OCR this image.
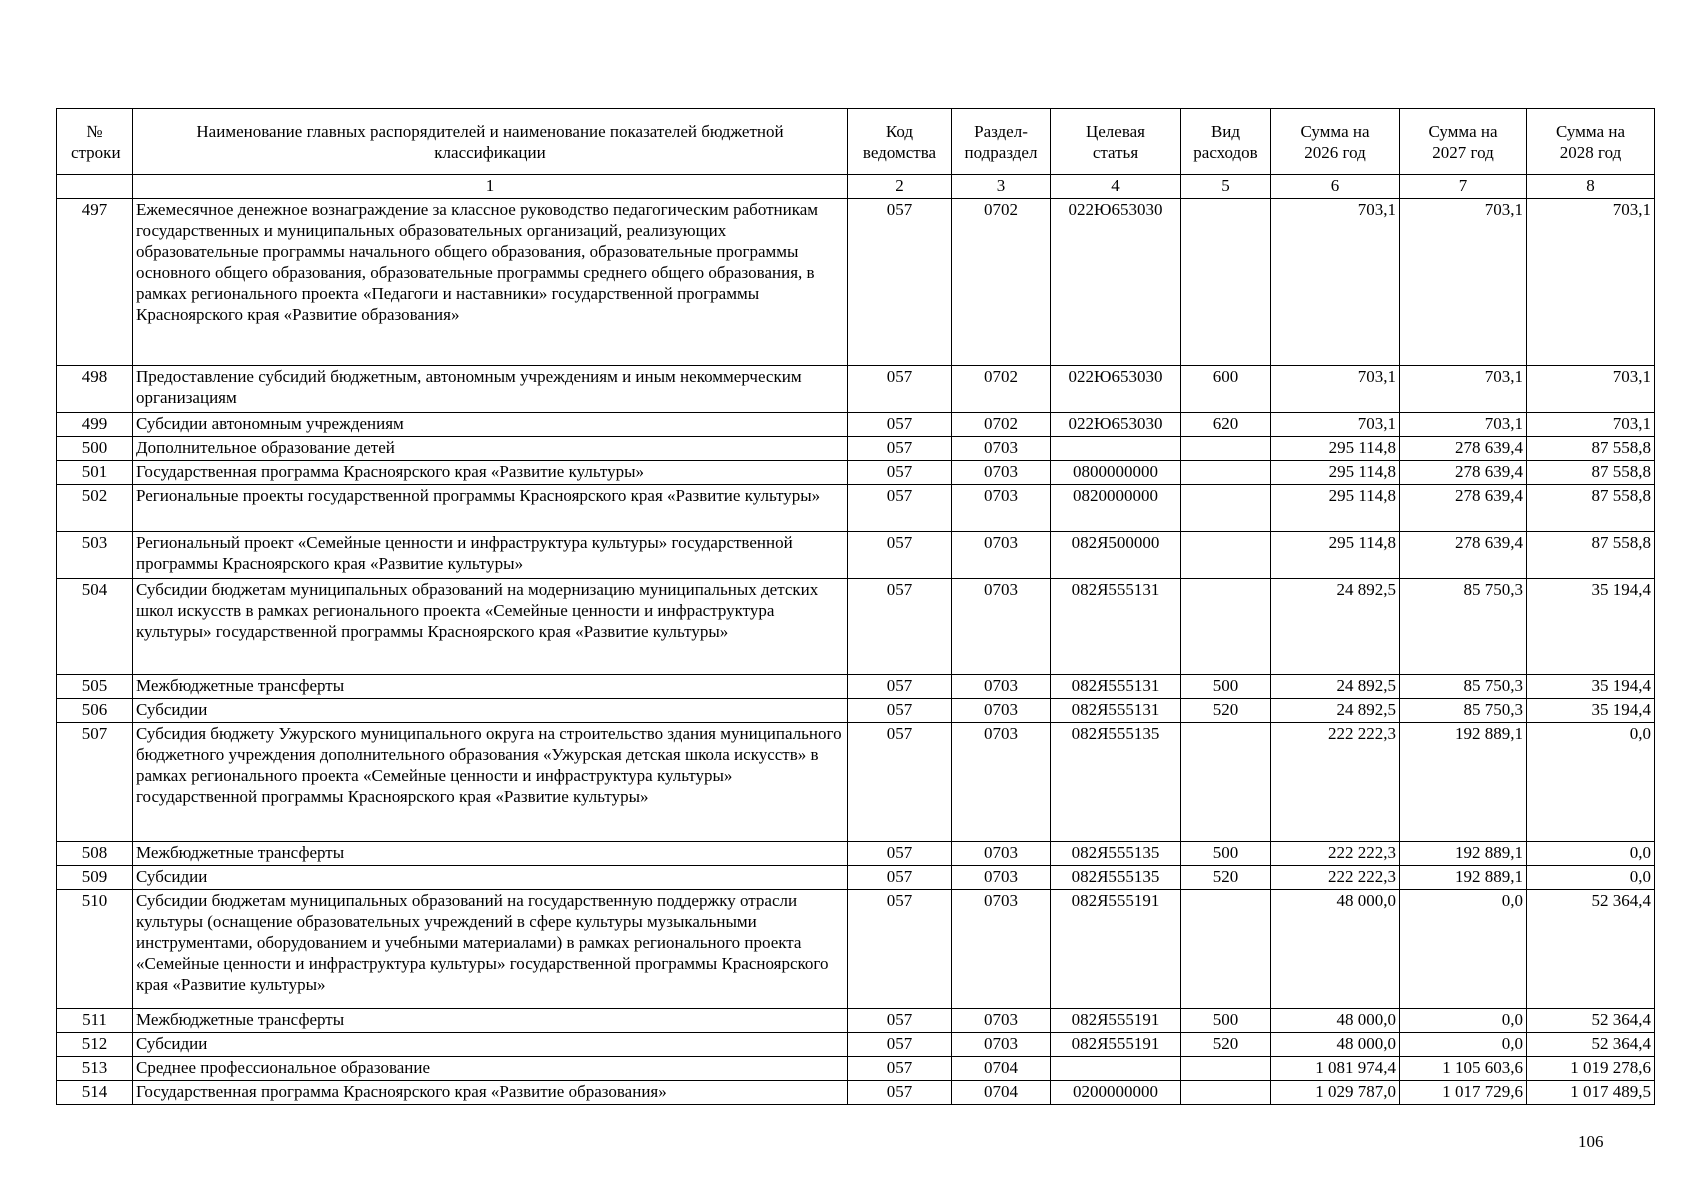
№ строки	Наименование главных распорядителей и наименование показателей бюджетной классификации	Код ведомства	Раздел-подраздел	Целевая статья	Вид расходов	Сумма на 2026 год	Сумма на 2027 год	Сумма на 2028 год
	1	2	3	4	5	6	7	8
497	Ежемесячное денежное вознаграждение за классное руководство педагогическим работникам государственных и муниципальных образовательных организаций, реализующих образовательные программы начального общего образования, образовательные программы основного общего образования, образовательные программы среднего общего образования, в рамках регионального проекта «Педагоги и наставники» государственной программы Красноярского края «Развитие образования»	057	0702	022Ю653030		703,1	703,1	703,1
498	Предоставление субсидий бюджетным, автономным учреждениям и иным некоммерческим организациям	057	0702	022Ю653030	600	703,1	703,1	703,1
499	Субсидии автономным учреждениям	057	0702	022Ю653030	620	703,1	703,1	703,1
500	Дополнительное образование детей	057	0703			295 114,8	278 639,4	87 558,8
501	Государственная программа Красноярского края «Развитие культуры»	057	0703	0800000000		295 114,8	278 639,4	87 558,8
502	Региональные проекты государственной программы Красноярского края «Развитие культуры»	057	0703	0820000000		295 114,8	278 639,4	87 558,8
503	Региональный проект «Семейные ценности и инфраструктура культуры» государственной программы Красноярского края «Развитие культуры»	057	0703	082Я500000		295 114,8	278 639,4	87 558,8
504	Субсидии бюджетам муниципальных образований на модернизацию муниципальных детских школ искусств в рамках регионального проекта «Семейные ценности и инфраструктура культуры» государственной программы Красноярского края «Развитие культуры»	057	0703	082Я555131		24 892,5	85 750,3	35 194,4
505	Межбюджетные трансферты	057	0703	082Я555131	500	24 892,5	85 750,3	35 194,4
506	Субсидии	057	0703	082Я555131	520	24 892,5	85 750,3	35 194,4
507	Субсидия бюджету Ужурского муниципального округа на строительство здания муниципального бюджетного учреждения дополнительного образования «Ужурская детская школа искусств» в рамках регионального проекта «Семейные ценности и инфраструктура культуры» государственной программы Красноярского края «Развитие культуры»	057	0703	082Я555135		222 222,3	192 889,1	0,0
508	Межбюджетные трансферты	057	0703	082Я555135	500	222 222,3	192 889,1	0,0
509	Субсидии	057	0703	082Я555135	520	222 222,3	192 889,1	0,0
510	Субсидии бюджетам муниципальных образований на государственную поддержку отрасли культуры (оснащение образовательных учреждений в сфере культуры музыкальными инструментами, оборудованием и учебными материалами) в рамках регионального проекта «Семейные ценности и инфраструктура культуры» государственной программы Красноярского края «Развитие культуры»	057	0703	082Я555191		48 000,0	0,0	52 364,4
511	Межбюджетные трансферты	057	0703	082Я555191	500	48 000,0	0,0	52 364,4
512	Субсидии	057	0703	082Я555191	520	48 000,0	0,0	52 364,4
513	Среднее профессиональное образование	057	0704			1 081 974,4	1 105 603,6	1 019 278,6
514	Государственная программа Красноярского края «Развитие образования»	057	0704	0200000000		1 029 787,0	1 017 729,6	1 017 489,5
106
